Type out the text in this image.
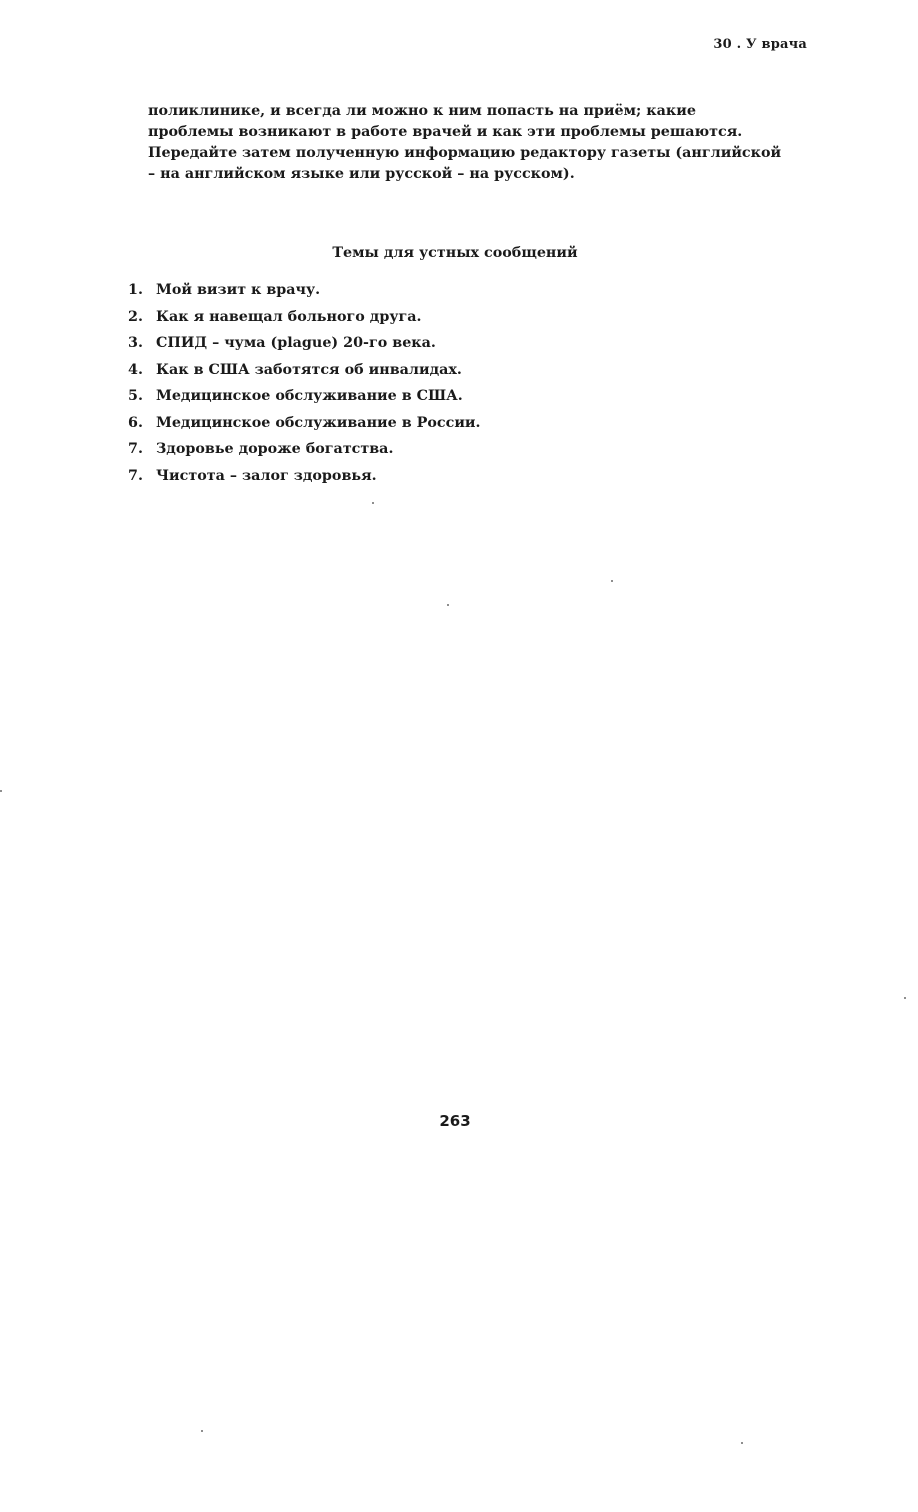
30 . У врача
поликлинике, и всегда ли можно к ним попасть на приём; какие
проблемы возникают в работе врачей и как эти проблемы решаются.
Передайте затем полученную информацию редактору газеты (английской
– на английском языке или русской – на русском).
Темы для устных сообщений
1. Мой визит к врачу.
2. Как я навещал больного друга.
3. СПИД – чума (plague) 20-го века.
4. Как в США заботятся об инвалидах.
5. Медицинское обслуживание в США.
6. Медицинское обслуживание в России.
7. Здоровье дороже богатства.
7. Чистота – залог здоровья.
263
